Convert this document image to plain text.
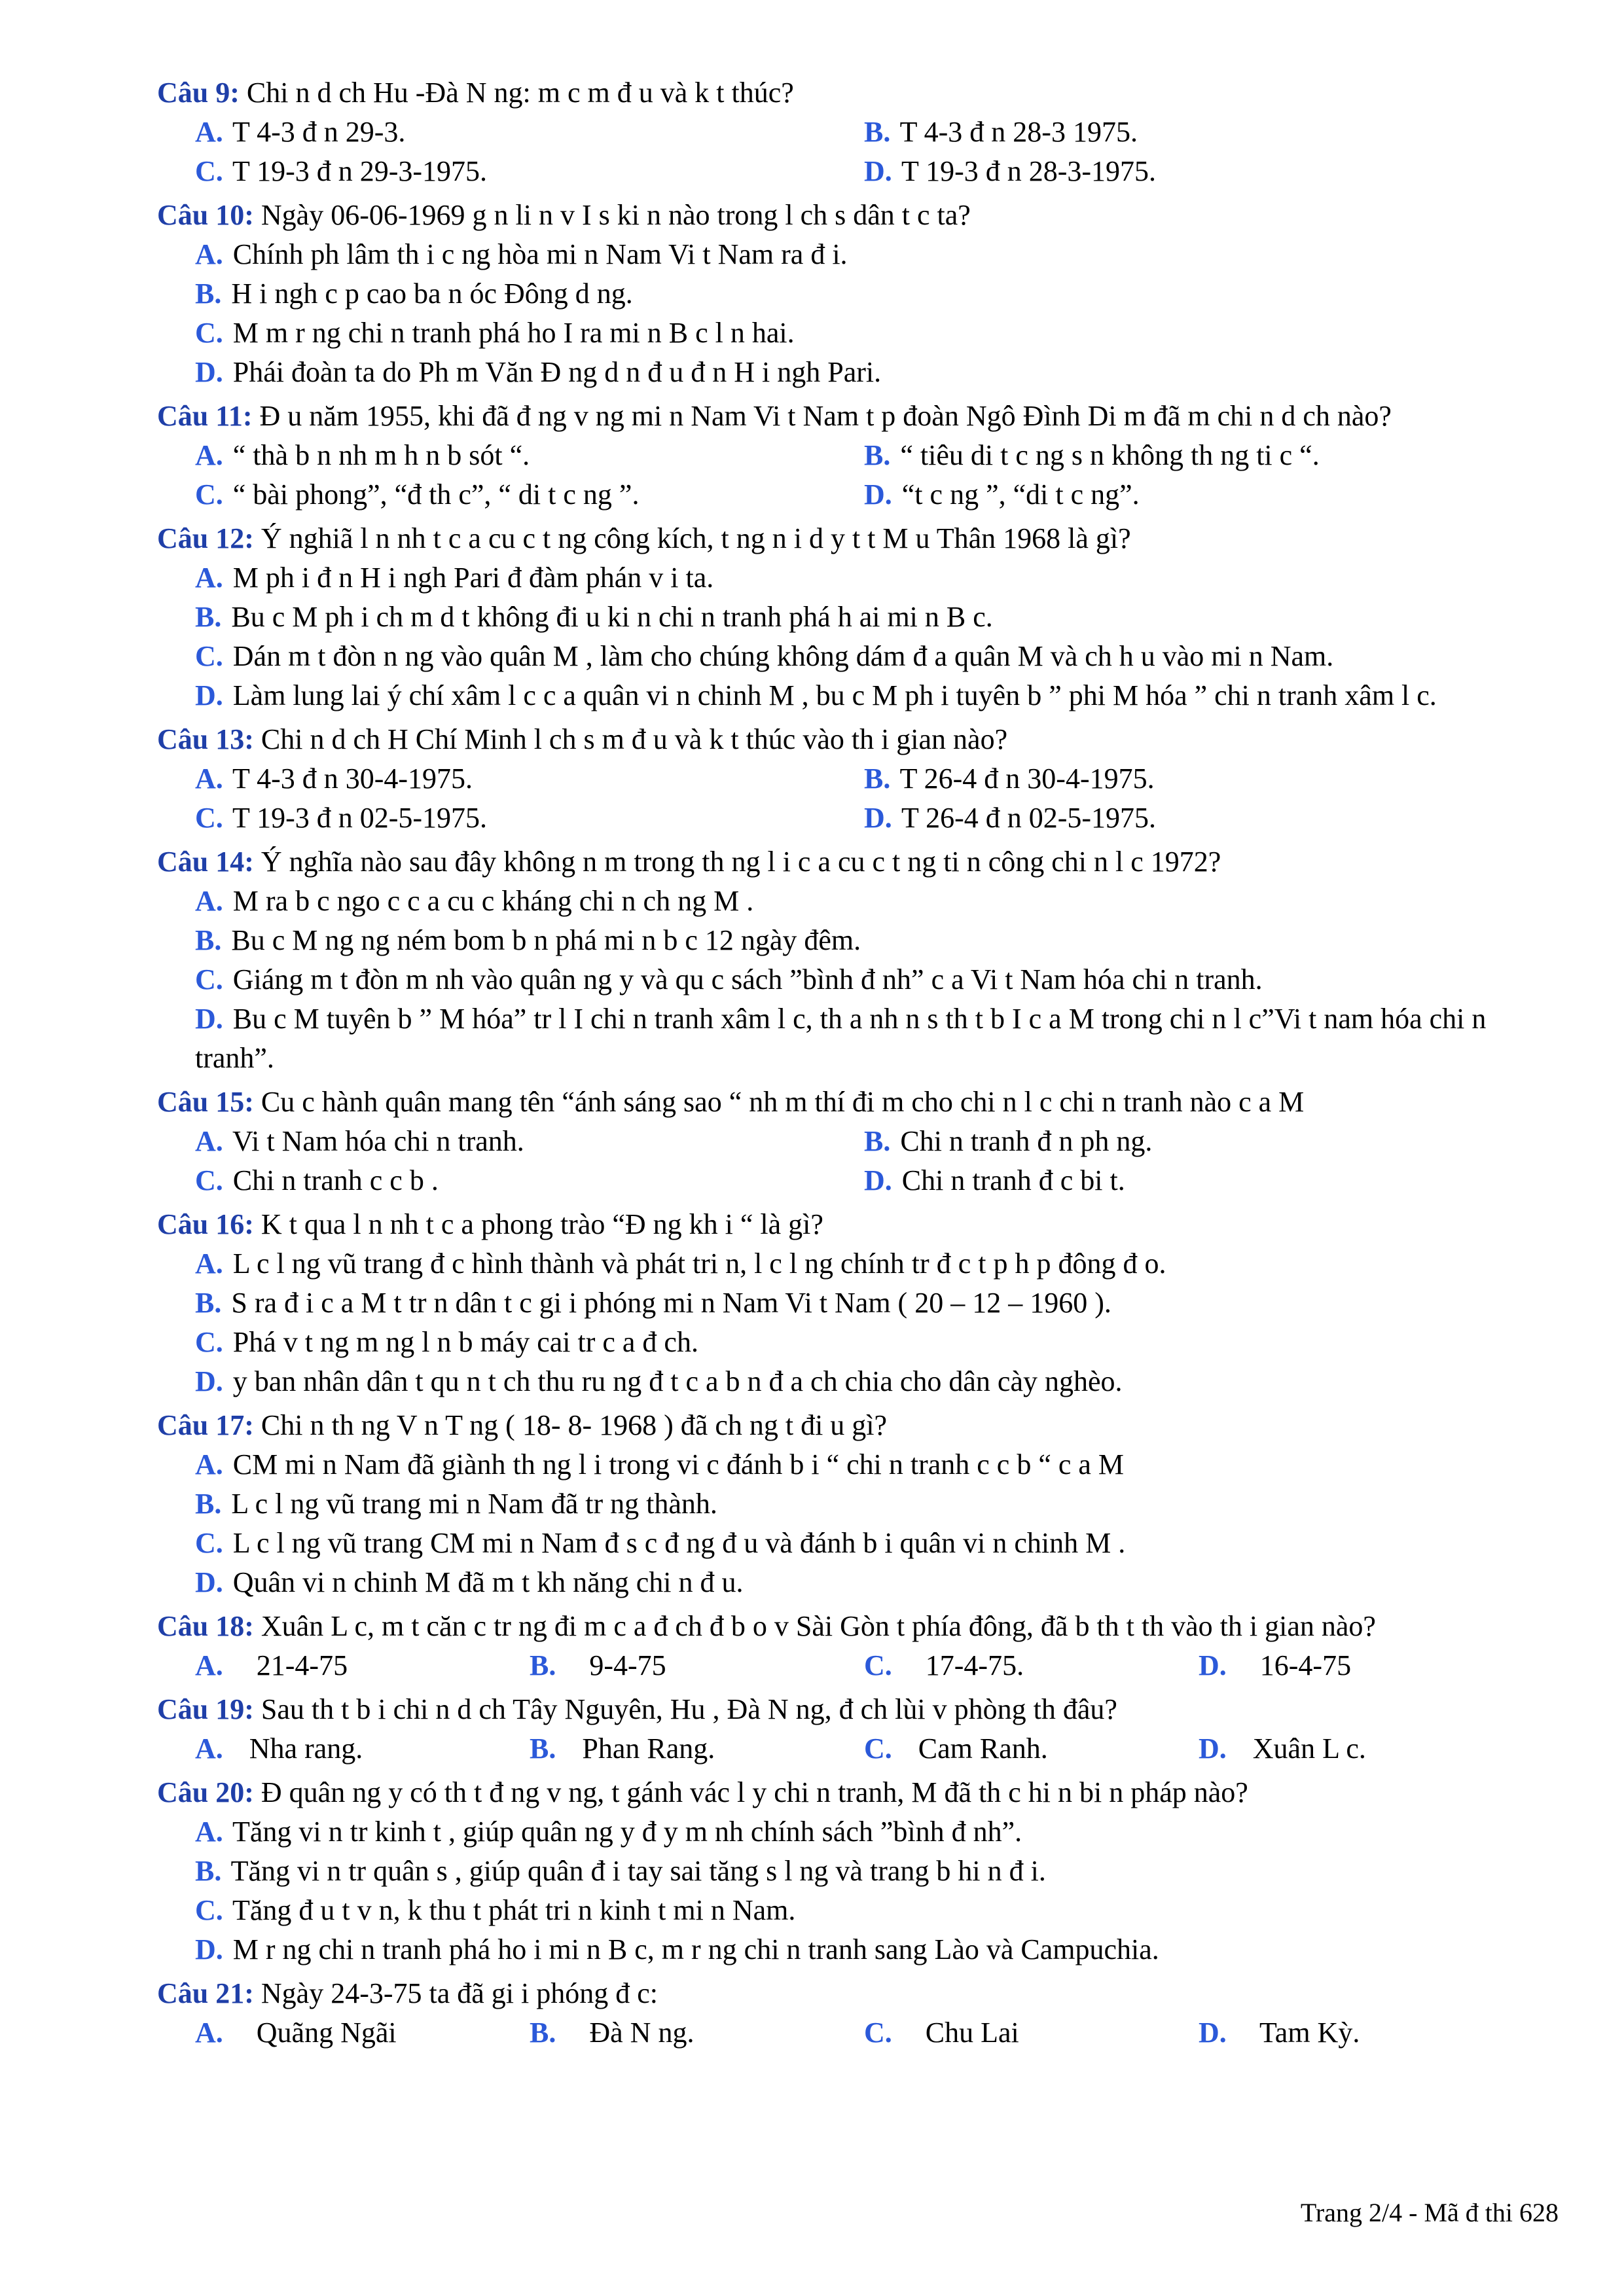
Câu 9: Chi n d ch Hu -Đà N ng: m c m đ u và k t thúc?
A. T 4-3 đ n 29-3.	B. T 4-3 đ n 28-3 1975.
C. T 19-3 đ n 29-3-1975.	D. T 19-3 đ n 28-3-1975.
Câu 10: Ngày 06-06-1969 g n li n v I s ki n nào trong l ch s dân t c ta?
A. Chính ph lâm th i c ng hòa mi n Nam Vi t Nam ra đ i.
B. H i ngh c p cao ba n óc Đông d ng.
C. M m r ng chi n tranh phá ho I ra mi n B c l n hai.
D. Phái đoàn ta do Ph m Văn Đ ng d n đ u đ n H i ngh Pari.
Câu 11: Đ u năm 1955, khi đã đ ng v ng mi n Nam Vi t Nam t p đoàn Ngô Đình Di m đã m chi n d ch nào?
A. “ thà b n nh m h n b sót “.	B. “ tiêu di t c ng s n không th ng ti c “.
C. “ bài phong”, “đ th c”, “ di t c ng ”.	D. “t c ng ”, “di t c ng”.
Câu 12: Ý nghiã l n nh t c a cu c t ng công kích, t ng n i d y t t M u Thân 1968 là gì?
A. M ph i đ n H i ngh Pari đ đàm phán v i ta.
B. Bu c M ph i ch m d t không đi u ki n chi n tranh phá h ai mi n B c.
C. Dán m t đòn n ng vào quân M , làm cho chúng không dám đ a quân M và ch h u vào mi n Nam.
D. Làm lung lai ý chí xâm l c c a quân vi n chinh M , bu c M ph i tuyên b ” phi M hóa ” chi n tranh xâm l c.
Câu 13: Chi n d ch H Chí Minh l ch s m đ u và k t thúc vào th i gian nào?
A. T 4-3 đ n 30-4-1975.	B. T 26-4 đ n 30-4-1975.
C. T 19-3 đ n 02-5-1975.	D. T 26-4 đ n 02-5-1975.
Câu 14: Ý nghĩa nào sau đây không n m trong th ng l i c a cu c t ng ti n công chi n l c 1972?
A. M ra b c ngo c c a cu c kháng chi n ch ng M .
B. Bu c M ng ng ném bom b n phá mi n b c 12 ngày đêm.
C. Giáng m t đòn m nh vào quân ng y và qu c sách ”bình đ nh” c a Vi t Nam hóa chi n tranh.
D. Bu c M tuyên b ” M hóa” tr l I chi n tranh xâm l c, th a nh n s th t b I c a M trong chi n l c”Vi t nam hóa chi n tranh”.
Câu 15: Cu c hành quân mang tên “ánh sáng sao “ nh m thí đi m cho chi n l c chi n tranh nào c a M
A. Vi t Nam hóa chi n tranh.	B. Chi n tranh đ n ph ng.
C. Chi n tranh c c b .	D. Chi n tranh đ c bi t.
Câu 16: K t qua l n nh t c a phong trào “Đ ng kh i “ là gì?
A. L c l ng vũ trang đ c hình thành và phát tri n, l c l ng chính tr đ c t p h p đông đ o.
B. S ra đ i c a M t tr n dân t c gi i phóng mi n Nam Vi t Nam ( 20 – 12 – 1960 ).
C. Phá v t ng m ng l n b máy cai tr c a đ ch.
D. y ban nhân dân t qu n t ch thu ru ng đ t c a b n đ a ch chia cho dân cày nghèo.
Câu 17: Chi n th ng V n T ng ( 18- 8- 1968 ) đã ch ng t đi u gì?
A. CM mi n Nam đã giành th ng l i trong vi c đánh b i “ chi n tranh c c b “ c a M
B. L c l ng vũ trang mi n Nam đã tr ng thành.
C. L c l ng vũ trang CM mi n Nam đ s c đ ng đ u và đánh b i quân vi n chinh M .
D. Quân vi n chinh M đã m t kh năng chi n đ u.
Câu 18: Xuân L c, m t căn c tr ng đi m c a đ ch đ b o v Sài Gòn t phía đông, đã b th t th vào th i gian nào?
A. 21-4-75	B. 9-4-75	C. 17-4-75.	D. 16-4-75
Câu 19: Sau th t b i chi n d ch Tây Nguyên, Hu , Đà N ng, đ ch lùi v phòng th đâu?
A. Nha rang.	B. Phan Rang.	C. Cam Ranh.	D. Xuân L c.
Câu 20: Đ quân ng y có th t đ ng v ng, t gánh vác l y chi n tranh, M đã th c hi n bi n pháp nào?
A. Tăng vi n tr kinh t , giúp quân ng y đ y m nh chính sách ”bình đ nh”.
B. Tăng vi n tr quân s , giúp quân đ i tay sai tăng s l ng và trang b hi n đ i.
C. Tăng đ u t v n, k thu t phát tri n kinh t mi n Nam.
D. M r ng chi n tranh phá ho i mi n B c, m r ng chi n tranh sang Lào và Campuchia.
Câu 21: Ngày 24-3-75 ta đã gi i phóng đ c:
A. Quãng Ngãi	B. Đà N ng.	C. Chu Lai	D. Tam Kỳ.
Trang 2/4 - Mã đ thi 628
